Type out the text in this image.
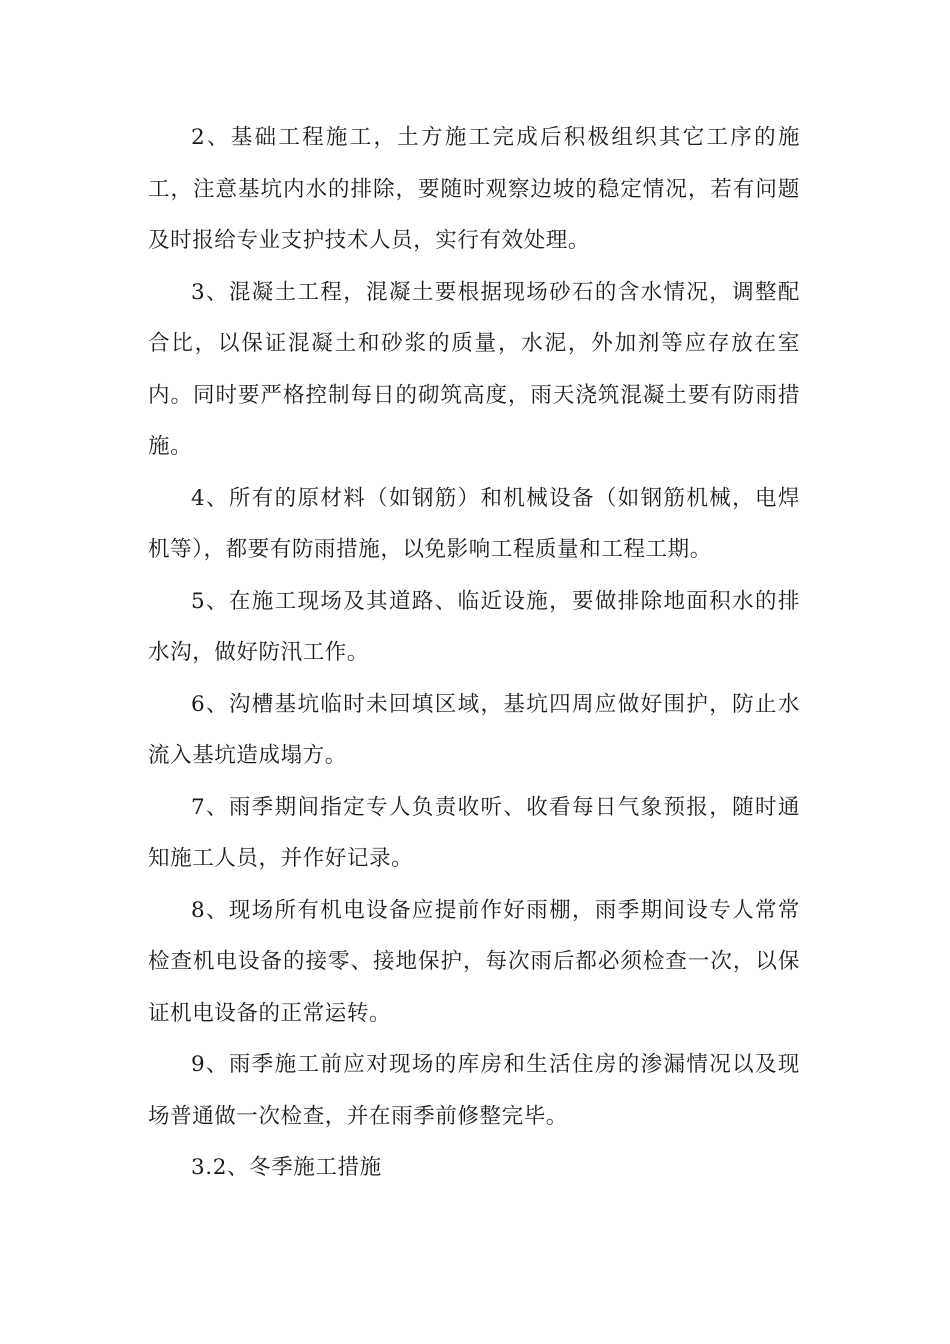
2、基础工程施工，土方施工完成后积极组织其它工序的施工，注意基坑内水的排除，要随时观察边坡的稳定情况，若有问题及时报给专业支护技术人员，实行有效处理。

3、混凝土工程，混凝土要根据现场砂石的含水情况，调整配合比，以保证混凝土和砂浆的质量，水泥，外加剂等应存放在室内。同时要严格控制每日的砌筑高度，雨天浇筑混凝土要有防雨措施。

4、所有的原材料（如钢筋）和机械设备（如钢筋机械，电焊机等），都要有防雨措施，以免影响工程质量和工程工期。

5、在施工现场及其道路、临近设施，要做排除地面积水的排水沟，做好防汛工作。

6、沟槽基坑临时未回填区域，基坑四周应做好围护，防止水流入基坑造成塌方。

7、雨季期间指定专人负责收听、收看每日气象预报，随时通知施工人员，并作好记录。

8、现场所有机电设备应提前作好雨棚，雨季期间设专人常常检查机电设备的接零、接地保护，每次雨后都必须检查一次，以保证机电设备的正常运转。

9、雨季施工前应对现场的库房和生活住房的渗漏情况以及现场普通做一次检查，并在雨季前修整完毕。

3.2、冬季施工措施
